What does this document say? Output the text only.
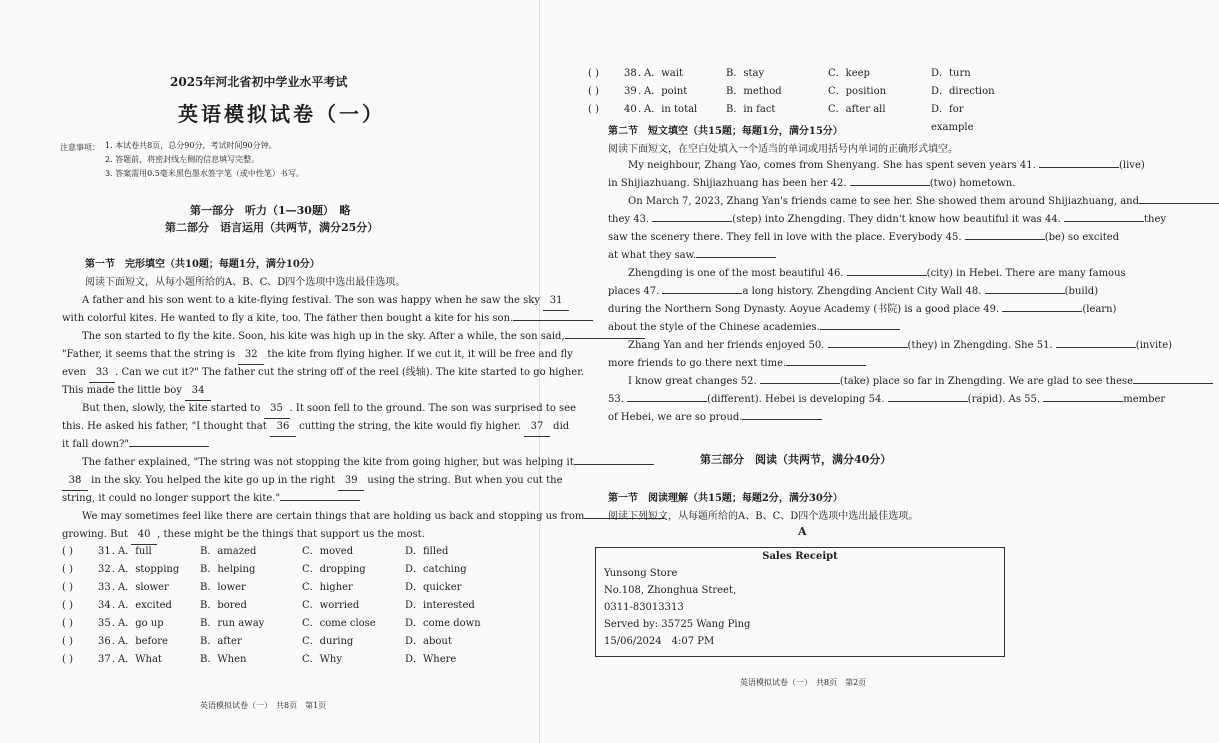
2025年河北省初中学业水平考试
英语模拟试卷（一）
注意事项： 1. 本试卷共8页，总分90分，考试时间90分钟。
2. 答题前，将密封线左侧的信息填写完整。
3. 答案需用0.5毫米黑色墨水签字笔（或中性笔）书写。
第一部分　听力（1—30题）　略
第二部分　语言运用（共两节，满分25分）
第一节　完形填空（共10题；每题1分，满分10分）
阅读下面短文，从每小题所给的A、B、C、D四个选项中选出最佳选项。
A father and his son went to a kite-flying festival. The son was happy when he saw the sky 31
with colorful kites. He wanted to fly a kite, too. The father then bought a kite for his son.
The son started to fly the kite. Soon, his kite was high up in the sky. After a while, the son said,
"Father, it seems that the string is 32 the kite from flying higher. If we cut it, it will be free and fly
even 33 . Can we cut it?" The father cut the string off of the reel (线轴). The kite started to go higher.
This made the little boy 34
But then, slowly, the kite started to 35 . It soon fell to the ground. The son was surprised to see
this. He asked his father, "I thought that 36 cutting the string, the kite would fly higher. 37 did
it fall down?"
The father explained, "The string was not stopping the kite from going higher, but was helping it
38 in the sky. You helped the kite go up in the right 39 using the string. But when you cut the
string, it could no longer support the kite."
We may sometimes feel like there are certain things that are holding us back and stopping us from
growing. But 40 , these might be the things that support us the most.
( )	31 . A．full	B．amazed	C．moved	D．filled
( )	32 . A．stopping B．helping	C．dropping	D．catching
( )	33 . A．slower	B．lower	C．higher	D．quicker
( )	34 . A．excited	B．bored	C．worried	D．interested
( )	35 . A．go up	B．run away	C．come close	D．come down
( )	36 . A．before	B．after	C．during	D．about
( )	37 . A．What	B．When	C．Why	D．Where
英语模拟试卷（一）　共8页　第1页
( )	38 . A．wait	B．stay	C．keep	D．turn
( )	39 . A．point	B．method	C．position	D．direction
( )	40 . A．in total	B．in fact	C．after all	D．for example
第二节　短文填空（共15题；每题1分，满分15分）
阅读下面短文，在空白处填入一个适当的单词或用括号内单词的正确形式填空。
My neighbour, Zhang Yao, comes from Shenyang. She has spent seven years 41.	(live)
in Shijiazhuang. Shijiazhuang has been her 42.	(two) hometown.
On March 7, 2023, Zhang Yan's friends came to see her. She showed them around Shijiazhuang, and
they 43.	(step) into Zhengding. They didn't know how beautiful it was 44.	they
saw the scenery there. They fell in love with the place. Everybody 45.	(be) so excited
at what they saw.
Zhengding is one of the most beautiful 46.	(city) in Hebei. There are many famous
places 47.	a long history. Zhengding Ancient City Wall 48.	(build)
during the Northern Song Dynasty. Aoyue Academy (书院) is a good place 49.	(learn)
about the style of the Chinese academies.
Zhang Yan and her friends enjoyed 50.	(they) in Zhengding. She 51.	(invite)
more friends to go there next time.
I know great changes 52.	(take) place so far in Zhengding. We are glad to see these
53.	(different). Hebei is developing 54.	(rapid). As 55.	member
of Hebei, we are so proud.
第三部分　阅读（共两节，满分40分）
第一节　阅读理解（共15题；每题2分，满分30分）
阅读下列短文，从每题所给的A、B、C、D四个选项中选出最佳选项。
A
英语模拟试卷（一）　共8页　第2页
Sales Receipt
Yunsong Store
No.108, Zhonghua Street,
0311-83013313
Served by: 35725 Wang Ping
15/06/2024　4:07 PM
